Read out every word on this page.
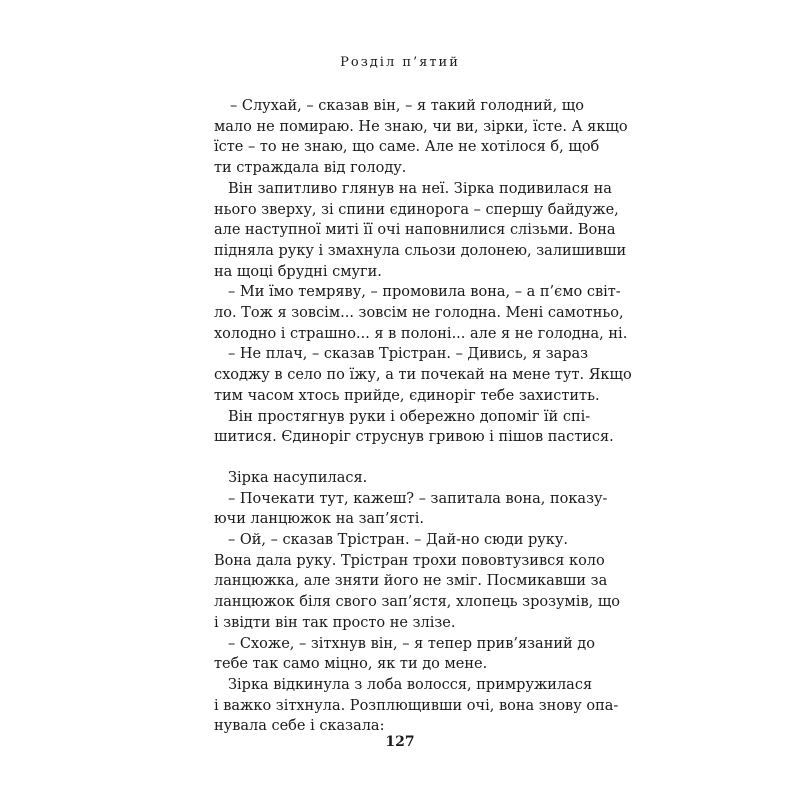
Розділ п’ятий

– Слухай, – сказав він, – я такий голодний, що
мало не помираю. Не знаю, чи ви, зірки, їсте. А якщо
їсте – то не знаю, що саме. Але не хотілося б, щоб
ти страждала від голоду.

Він запитливо глянув на неї. Зірка подивилася на
нього зверху, зі спини єдинорога – спершу байдуже,
але наступної миті її очі наповнилися слізьми. Вона
підняла руку і змахнула сльози долонею, залишивши
на щоці брудні смуги.

– Ми їмо темряву, – промовила вона, – а п’ємо світ-
ло. Тож я зовсім... зовсім не голодна. Мені самотньо,
холодно і страшно... я в полоні... але я не голодна, ні.

– Не плач, – сказав Трістран. – Дивись, я зараз
сходжу в село по їжу, а ти почекай на мене тут. Якщо
тим часом хтось прийде, єдиноріг тебе захистить.

Він простягнув руки і обережно допоміг їй спі-
шитися. Єдиноріг струснув гривою і пішов пастися.

Зірка насупилася.

– Почекати тут, кажеш? – запитала вона, показу-
ючи ланцюжок на зап’ясті.

– Ой, – сказав Трістран. – Дай-но сюди руку.

Вона дала руку. Трістран трохи пововтузився коло
ланцюжка, але зняти його не зміг. Посмикавши за
ланцюжок біля свого зап’ястя, хлопець зрозумів, що
і звідти він так просто не злізе.

– Схоже, – зітхнув він, – я тепер прив’язаний до
тебе так само міцно, як ти до мене.

Зірка відкинула з лоба волосся, примружилася
і важко зітхнула. Розплющивши очі, вона знову опа-
нувала себе і сказала:

127
